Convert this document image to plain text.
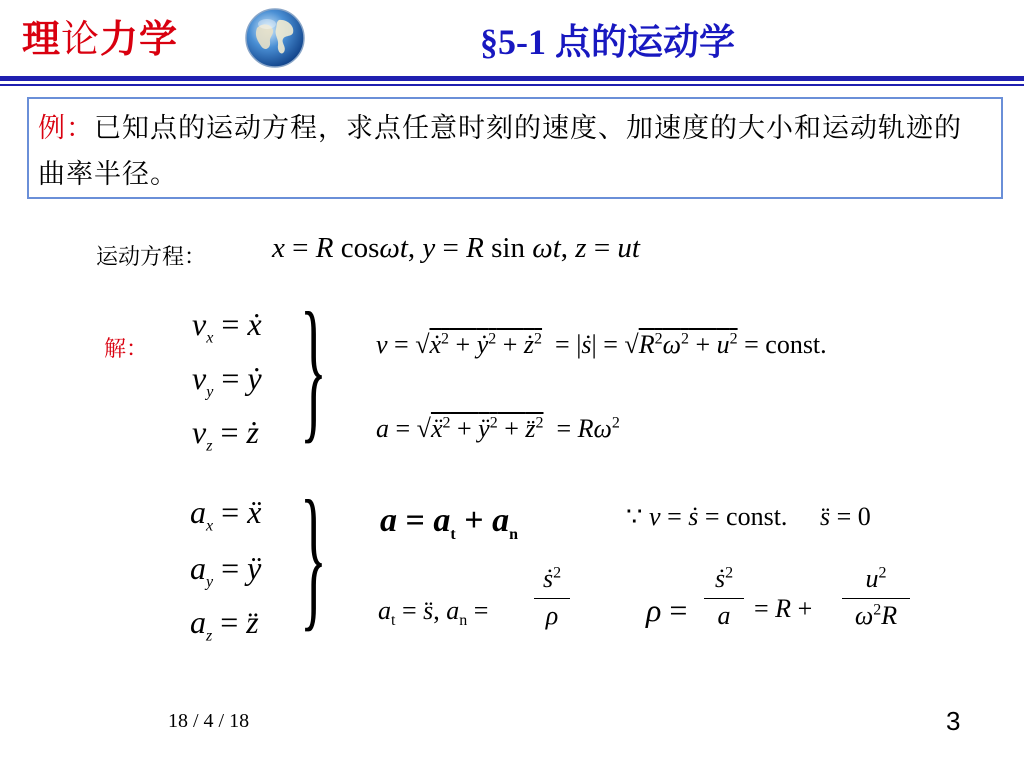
理论力学	§5-1 点的运动学
例：已知点的运动方程，求点任意时刻的速度、加速度的大小和运动轨迹的曲率半径。
运动方程： x = R cosωt, y = R sin ωt, z = ut
解：
$v_x$ = ẋ
$v_y$ = ẏ
$v_z$ = ż } v = √ẋ$^2$ + ẏ$^2$ + $ż^2$  = |ṡ| = $√R^2\omega^2 + u^2$ = const.
a = √ẍ$^2$ + $ÿ^2$ + z̈$^2$  = $R\omega^2$
$a_x$ = ẍ
$a_y$ = ÿ
$a_z$ = z̈ } $a = a_t + a_n$
∵ v = ṡ = const.     s̈ = 0
$a_t$ = s̈, $a_n$ =
ṡ$^2$
ρ	ρ =
ṡ$^2$
a = R +
$u^2$
$\omega^2R$
18 / 4 / 18	3
